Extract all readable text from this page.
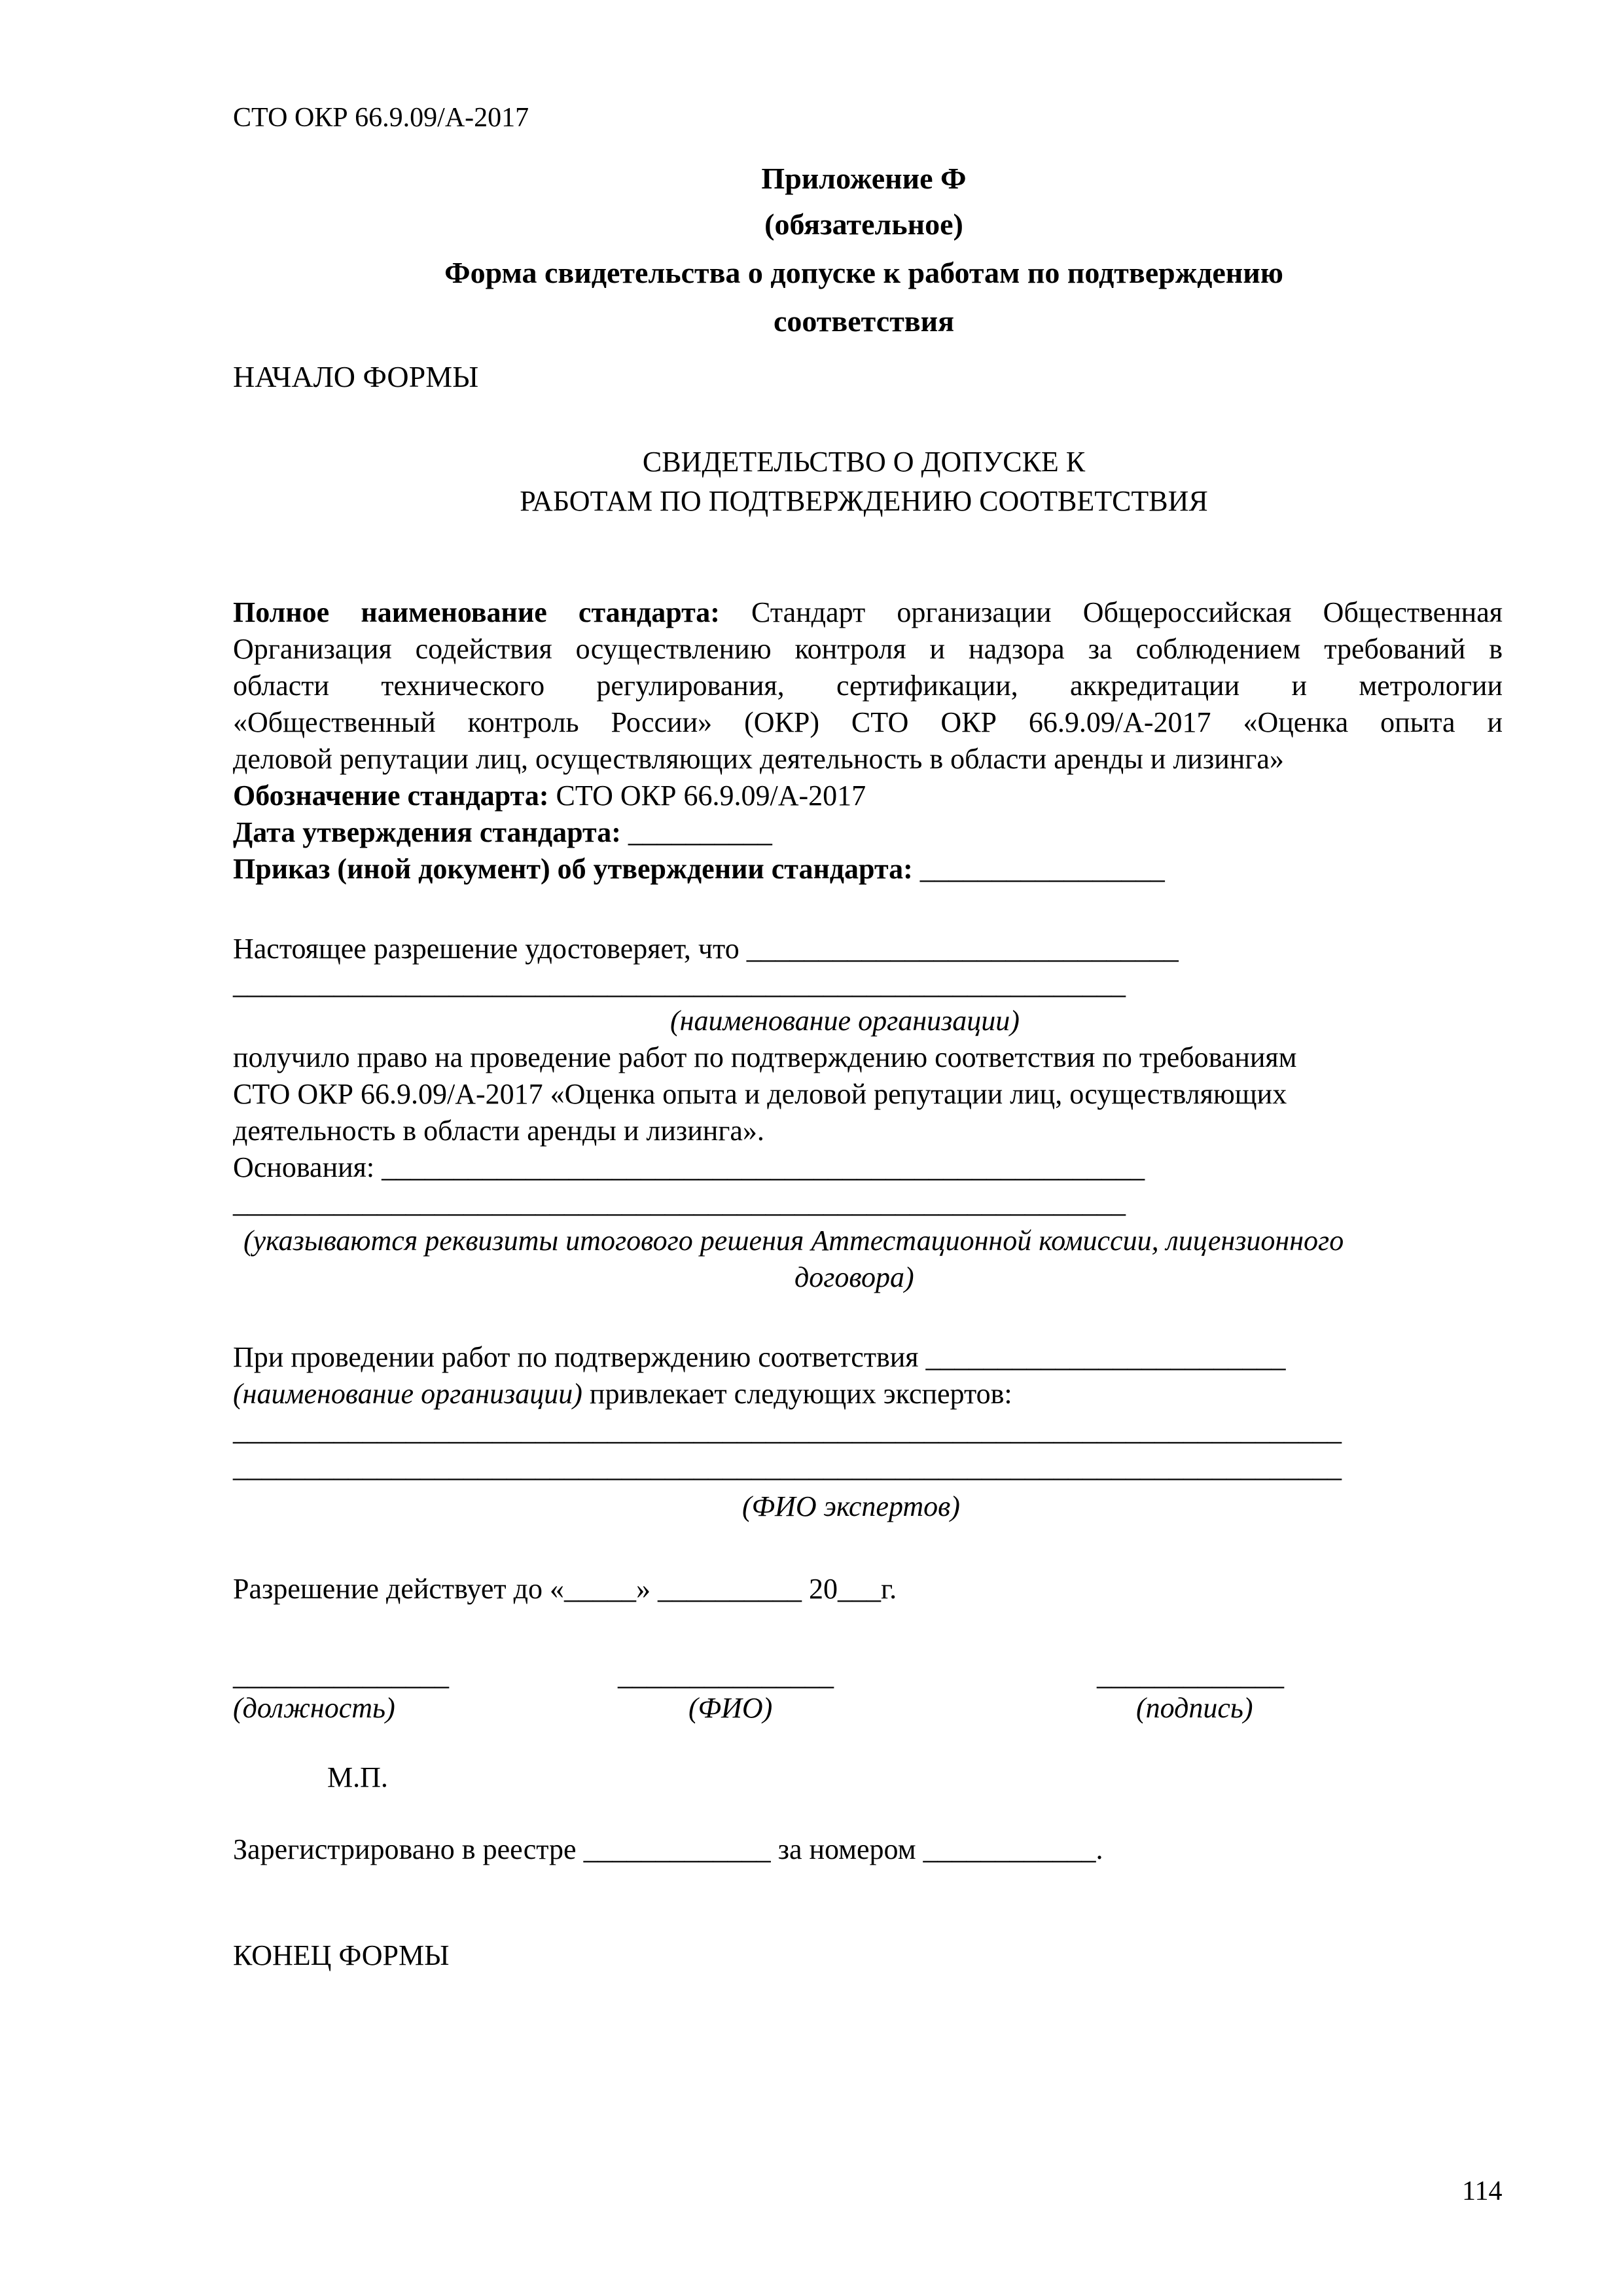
СТО ОКР 66.9.09/А-2017
Приложение Ф
(обязательное)
Форма свидетельства о допуске к работам по подтверждению
соответствия
НАЧАЛО ФОРМЫ
СВИДЕТЕЛЬСТВО О ДОПУСКЕ К
РАБОТАМ ПО ПОДТВЕРЖДЕНИЮ СООТВЕТСТВИЯ
Полное наименование стандарта: Стандарт организации Общероссийская Общественная
Организация содействия осуществлению контроля и надзора за соблюдением требований в
области технического регулирования, сертификации, аккредитации и метрологии
«Общественный контроль России» (ОКР) СТО ОКР 66.9.09/А-2017 «Оценка опыта и
деловой репутации лиц, осуществляющих деятельность в области аренды и лизинга»
Обозначение стандарта: СТО ОКР 66.9.09/А-2017
Дата утверждения стандарта: __________
Приказ (иной документ) об утверждении стандарта: _________________
Настоящее разрешение удостоверяет, что ______________________________
______________________________________________________________
(наименование организации)
получило право на проведение работ по подтверждению соответствия по требованиям
СТО ОКР 66.9.09/А-2017 «Оценка опыта и деловой репутации лиц, осуществляющих
деятельность в области аренды и лизинга».
Основания: _____________________________________________________
______________________________________________________________
(указываются реквизиты итогового решения Аттестационной комиссии, лицензионного
договора)
При проведении работ по подтверждению соответствия _________________________
(наименование организации) привлекает следующих экспертов:
_____________________________________________________________________________
_____________________________________________________________________________
(ФИО экспертов)
Разрешение действует до «_____» __________ 20___г.
_______________	_______________	_____________
(должность)	(ФИО)	(подпись)
М.П.
Зарегистрировано в реестре _____________ за номером ____________.
КОНЕЦ ФОРМЫ
114
